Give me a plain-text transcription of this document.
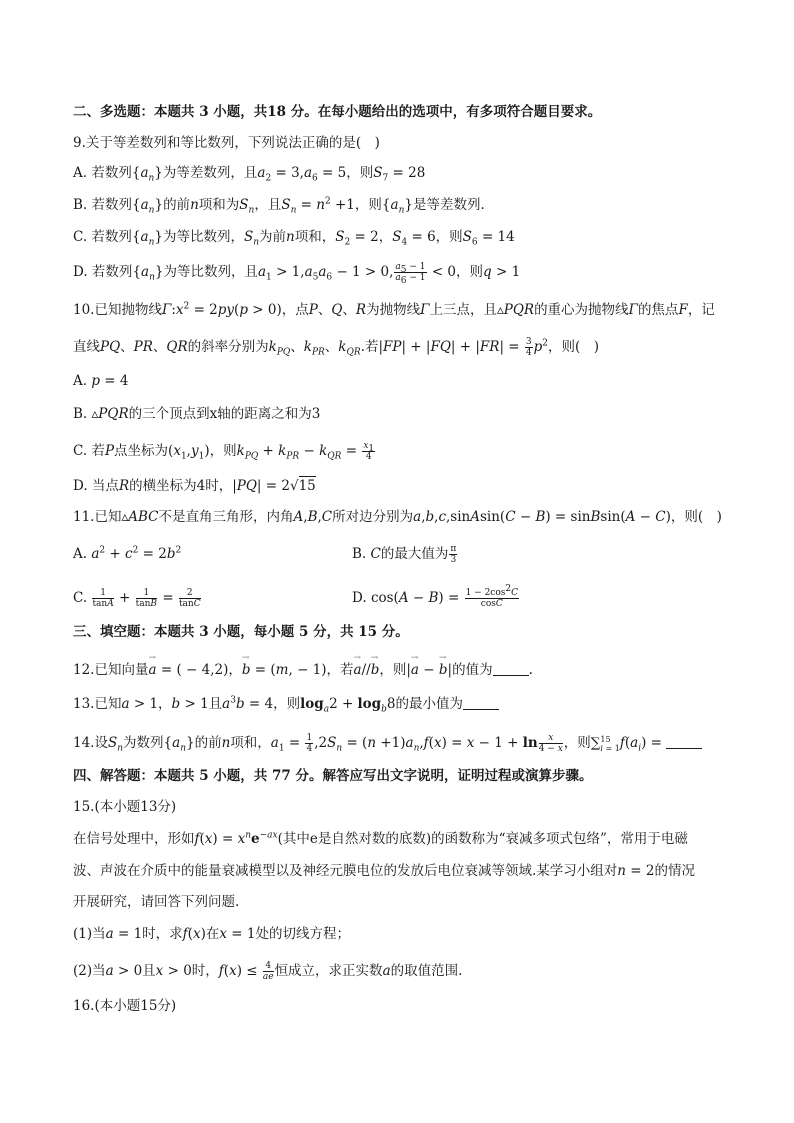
二、多选题：本题共 3 小题，共18 分。在每小题给出的选项中，有多项符合题目要求。
9.关于等差数列和等比数列，下列说法正确的是(　)
A. 若数列$\{a_n\}$为等差数列，且$a_2 = 3,a_6 = 5$，则$S_7 = 28$
B. 若数列$\{a_n\}$的前n项和为$S_n$，且$S_n = n^2 +1$，则$\{a_n\}$是等差数列.
C. 若数列$\{a_n\}$为等比数列，$S_n$为前n项和，$S_2 = 2$，$S_4 = 6$，则$S_6 = 14$
D. 若数列$\{a_n\}$为等比数列，且$a_1 > 1,a_5a_6 - 1 > 0$, $\frac{a_5 - 1}{a_6 - 1} < 0$，则q > 1
10.已知抛物线$\Gamma:x^2 = 2py(p > 0)$，点P、Q、R为抛物线Γ上三点，且▵PQR的重心为抛物线Γ的焦点F，记
直线PQ、PR、QR的斜率分别为$k_{PQ}$、$k_{PR}$、$k_{QR}$.若$|FP| + |FQ| + |FR| = \frac{3}{4} p^2$，则(　)
A. p = 4
B. ▵PQR的三个顶点到x轴的距离之和为3
C. 若P点坐标为$(x_1,y_1)$，则$k_{PQ} + k_{PR} - k_{QR} = \frac{x_1}{4}$
D. 当点R的横坐标为4时，|PQ| = 2√15
11.已知▵ABC不是直角三角形，内角A,B,C所对边分别为a,b,c,sinAsin(C − B) = sinBsin(A − C)，则(　)
A. $a^2 + c^2 = 2b^2$	B. C的最大值为 $\frac{\pi}{3}$
C. $\frac{1}{\tan A} + \frac{1}{\tan B} = \frac{2}{\tan C}$	D. $\cos(A - B) = \frac{1 - 2\cos^2C}{\cos C}$
三、填空题：本题共 3 小题，每小题 5 分，共 15 分。
12.已知向量→ a = ( − 4,2)，→ b = (m, − 1)，若→ a//→ b，则|→ a − → b|的值为	.
13.已知a > 1，b > 1且$a^3b = 4$，则$\log_a2 + \log_b8$的最小值为
14.设$S_n$为数列$\{a_n\}$的前n项和，$a_1 = \frac{1}{4} ,2S_n = (n +1)a_n,f(x) = x - 1 + \ln \frac{x}{4 - x}$ ，则∑ 15
i = 1 $f(a_i)$ =
四、解答题：本题共 5 小题，共 77 分。解答应写出文字说明，证明过程或演算步骤。
15.(本小题13分)
在信号处理中，形如$f(x) = x^ne^{-ax}$(其中e是自然对数的底数)的函数称为“衰减多项式包络”，常用于电磁
波、声波在介质中的能量衰减模型以及神经元膜电位的发放后电位衰减等领域.某学习小组对n = 2的情况
开展研究，请回答下列问题.
(1)当a = 1时，求f(x)在x = 1处的切线方程；
(2)当a > 0且x > 0时，$f(x) \le \frac{4}{ae}$ 恒成立，求正实数a的取值范围.
16.(本小题15分)
